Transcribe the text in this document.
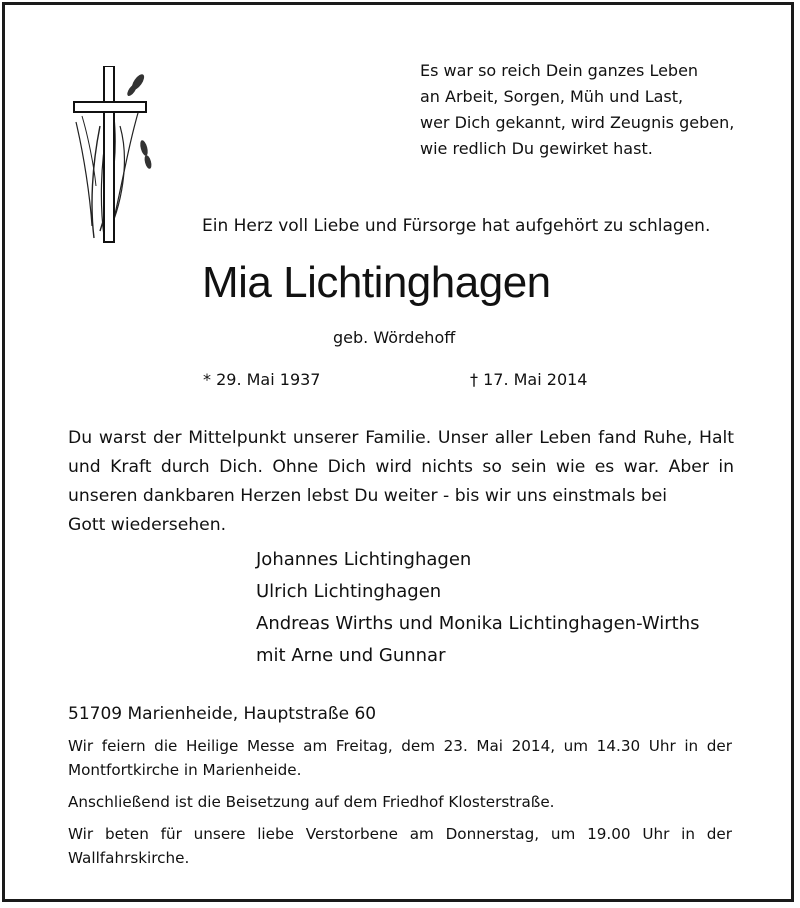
Es war so reich Dein ganzes Leben
an Arbeit, Sorgen, Müh und Last,
wer Dich gekannt, wird Zeugnis geben,
wie redlich Du gewirket hast.
Ein Herz voll Liebe und Fürsorge hat aufgehört zu schlagen.
Mia Lichtinghagen
geb. Wördehoff
* 29. Mai 1937	† 17. Mai 2014
Du warst der Mittelpunkt unserer Familie. Unser aller Leben fand Ruhe, Halt und Kraft durch Dich. Ohne Dich wird nichts so sein wie es war. Aber in unseren dankbaren Herzen lebst Du weiter - bis wir uns einstmals bei
Gott wiedersehen.
Johannes Lichtinghagen
Ulrich Lichtinghagen
Andreas Wirths und Monika Lichtinghagen-Wirths
mit Arne und Gunnar
51709 Marienheide, Hauptstraße 60
Wir feiern die Heilige Messe am Freitag, dem 23. Mai 2014, um 14.30 Uhr in der Montfortkirche in Marienheide.
Anschließend ist die Beisetzung auf dem Friedhof Klosterstraße.
Wir beten für unsere liebe Verstorbene am Donnerstag, um 19.00 Uhr in der Wallfahrskirche.
